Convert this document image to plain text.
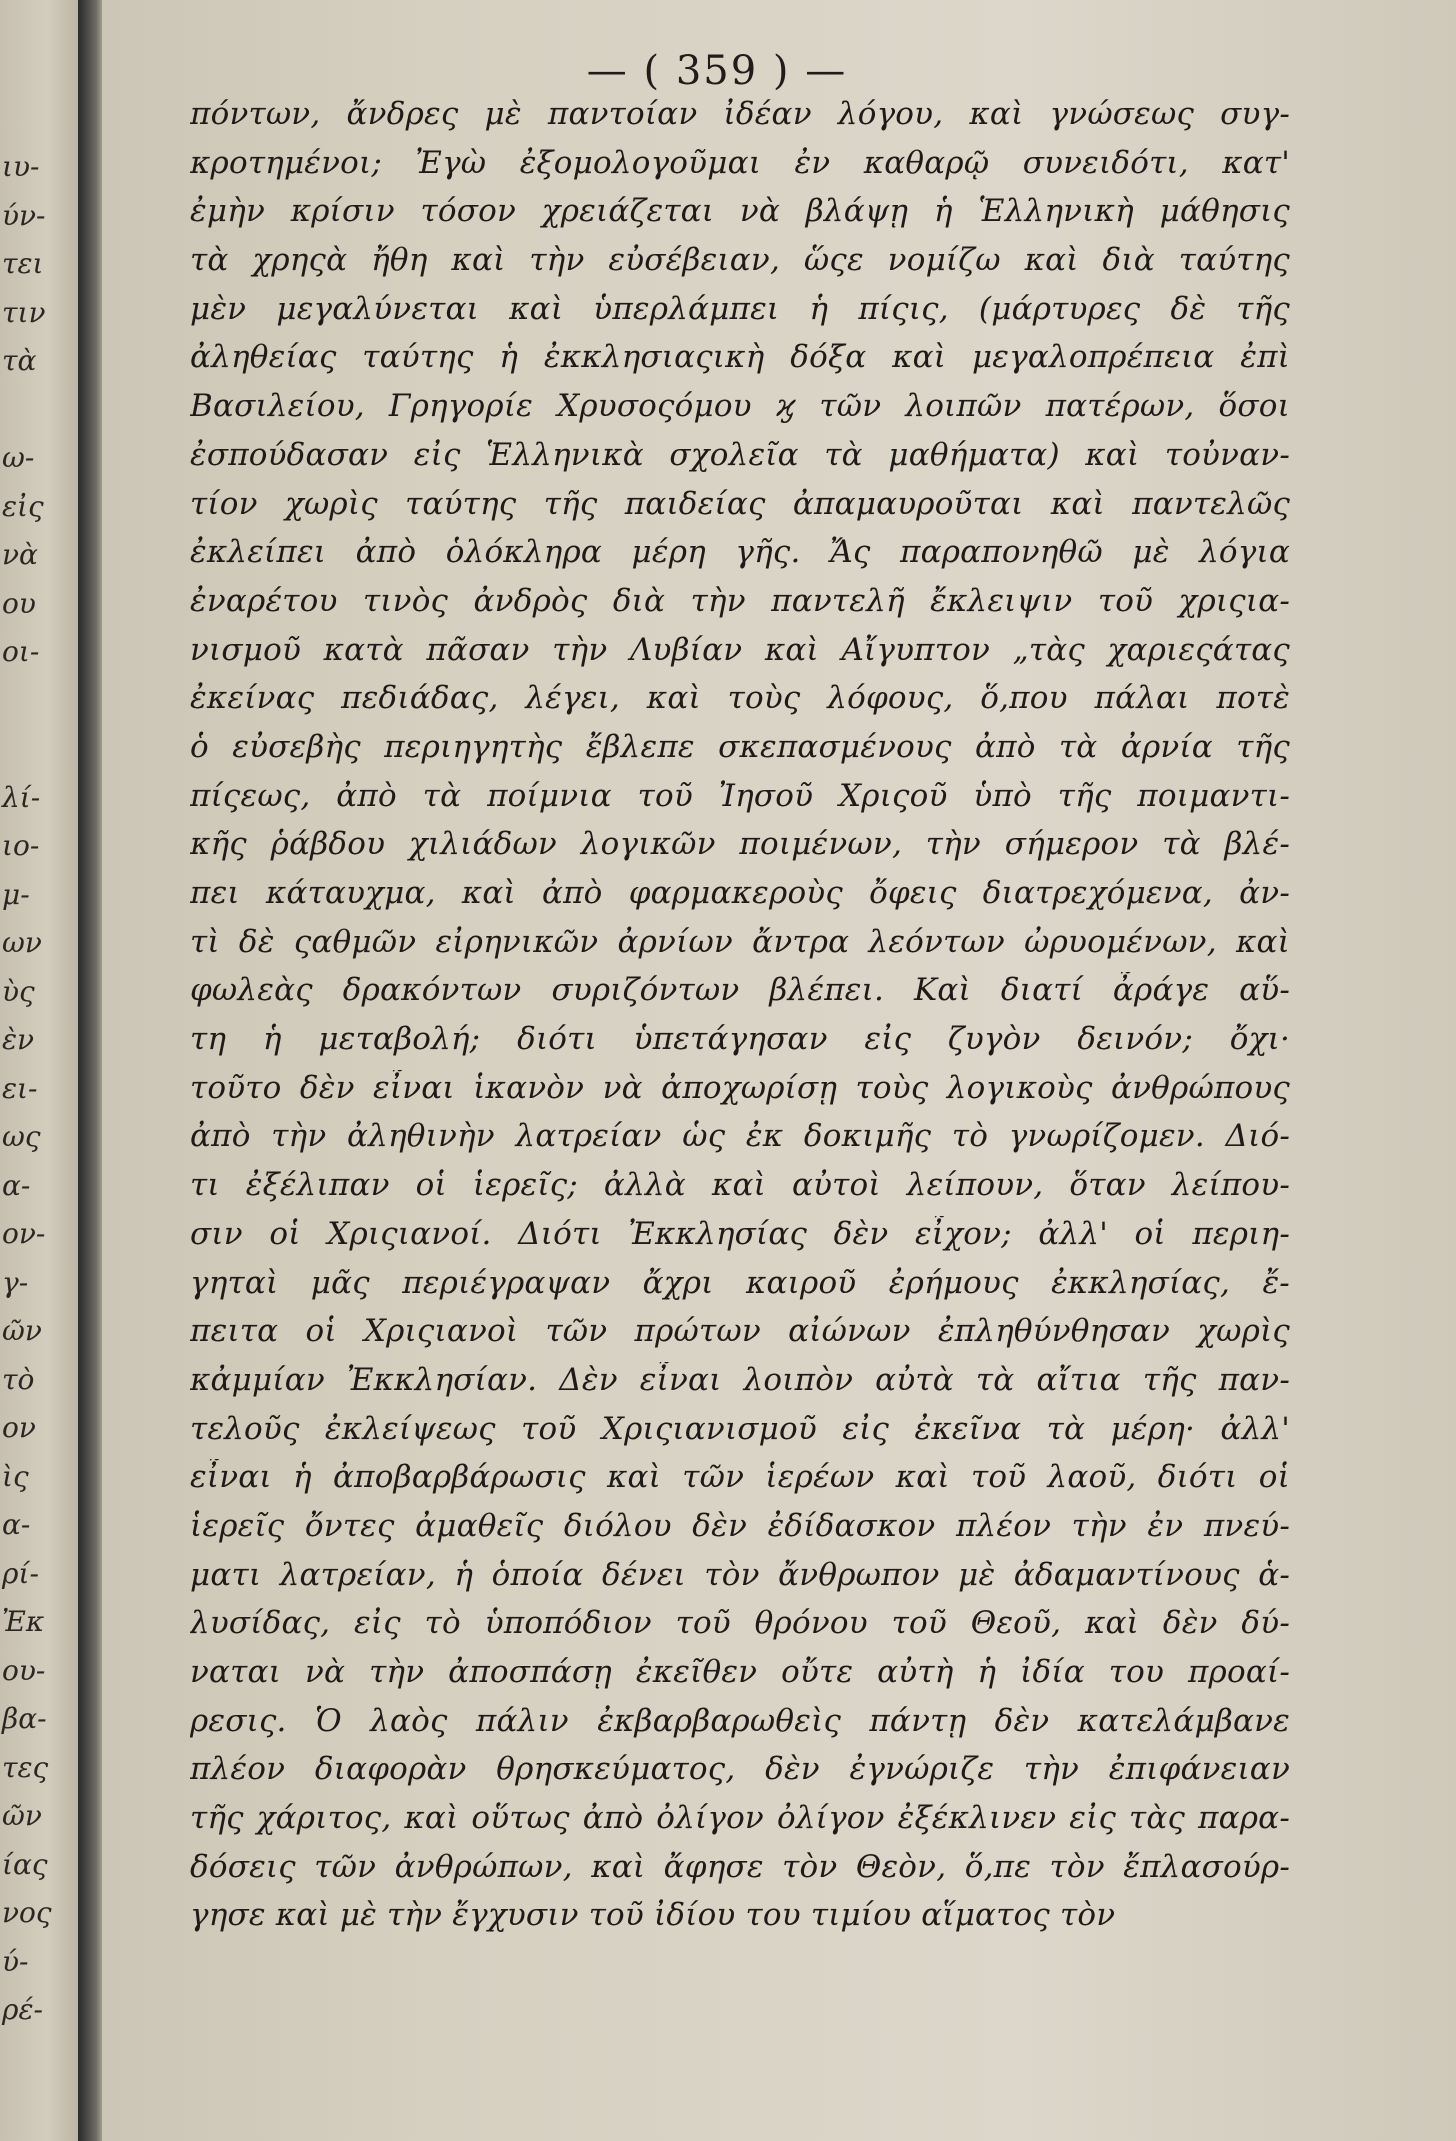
ιυ-
ύν-
τει
τιν
τὰ
ω-
εἰς
νὰ
ου
οι-
λί-
ιο-
μ-
ων
ὺς
ὲν
ει-
ως
α-
ον-
γ-
ῶν
τὸ
ον
ὶς
α-
ρί-
Ἐκ
ου-
βα-
τες
ῶν
ίας
νος
ύ-
ρέ-
— ( 359 ) —
πόντων, ἄνδρες μὲ παντοίαν ἰδέαν λόγου, καὶ γνώσεως συγ-
κροτημένοι; Ἐγὼ ἐξομολογοῦμαι ἐν καθαρῷ συνειδότι, κατ'
ἐμὴν κρίσιν τόσον χρειάζεται νὰ βλάψῃ ἡ Ἑλληνικὴ μάθησις
τὰ χρηςὰ ἤθη καὶ τὴν εὐσέβειαν, ὥςε νομίζω καὶ διὰ ταύτης
μὲν μεγαλύνεται καὶ ὑπερλάμπει ἡ πίςις, (μάρτυρες δὲ τῆς
ἀληθείας ταύτης ἡ ἐκκλησιαςικὴ δόξα καὶ μεγαλοπρέπεια ἐπὶ
Βασιλείου, Γρηγορίε Χρυσοςόμου ϗ τῶν λοιπῶν πατέρων, ὅσοι
ἐσπούδασαν εἰς Ἑλληνικὰ σχολεῖα τὰ μαθήματα) καὶ τοὐναν-
τίον χωρὶς ταύτης τῆς παιδείας ἀπαμαυροῦται καὶ παντελῶς
ἐκλείπει ἀπὸ ὁλόκληρα μέρη γῆς. Ἄς παραπονηθῶ μὲ λόγια
ἐναρέτου τινὸς ἀνδρὸς διὰ τὴν παντελῆ ἔκλειψιν τοῦ χριςια-
νισμοῦ κατὰ πᾶσαν τὴν Λυβίαν καὶ Αἴγυπτον „τὰς χαριεςάτας
ἐκείνας πεδιάδας, λέγει, καὶ τοὺς λόφους, ὅ,που πάλαι ποτὲ
ὁ εὐσεβὴς περιηγητὴς ἔβλεπε σκεπασμένους ἀπὸ τὰ ἀρνία τῆς
πίςεως, ἀπὸ τὰ ποίμνια τοῦ Ἰησοῦ Χριςοῦ ὑπὸ τῆς ποιμαντι-
κῆς ῥάβδου χιλιάδων λογικῶν ποιμένων, τὴν σήμερον τὰ βλέ-
πει κάταυχμα, καὶ ἀπὸ φαρμακεροὺς ὄφεις διατρεχόμενα, ἀν-
τὶ δὲ ςαθμῶν εἰρηνικῶν ἀρνίων ἄντρα λεόντων ὠρυομένων, καὶ
φωλεὰς δρακόντων συριζόντων βλέπει. Καὶ διατί ἆράγε αὕ-
τη ἡ μεταβολή; διότι ὑπετάγησαν εἰς ζυγὸν δεινόν; ὄχι·
τοῦτο δὲν εἶναι ἱκανὸν νὰ ἀποχωρίσῃ τοὺς λογικοὺς ἀνθρώπους
ἀπὸ τὴν ἀληθινὴν λατρείαν ὡς ἐκ δοκιμῆς τὸ γνωρίζομεν. Διό-
τι ἐξέλιπαν οἱ ἱερεῖς; ἀλλὰ καὶ αὐτοὶ λείπουν, ὅταν λείπου-
σιν οἱ Χριςιανοί. Διότι Ἐκκλησίας δὲν εἶχον; ἀλλ' οἱ περιη-
γηταὶ μᾶς περιέγραψαν ἄχρι καιροῦ ἐρήμους ἐκκλησίας, ἔ-
πειτα οἱ Χριςιανοὶ τῶν πρώτων αἰώνων ἐπληθύνθησαν χωρὶς
κἀμμίαν Ἐκκλησίαν. Δὲν εἶναι λοιπὸν αὐτὰ τὰ αἴτια τῆς παν-
τελοῦς ἐκλείψεως τοῦ Χριςιανισμοῦ εἰς ἐκεῖνα τὰ μέρη· ἀλλ'
εἶναι ἡ ἀποβαρβάρωσις καὶ τῶν ἱερέων καὶ τοῦ λαοῦ, διότι οἱ
ἱερεῖς ὄντες ἀμαθεῖς διόλου δὲν ἐδίδασκον πλέον τὴν ἐν πνεύ-
ματι λατρείαν, ἡ ὁποία δένει τὸν ἄνθρωπον μὲ ἀδαμαντίνους ἁ-
λυσίδας, εἰς τὸ ὑποπόδιον τοῦ θρόνου τοῦ Θεοῦ, καὶ δὲν δύ-
ναται νὰ τὴν ἀποσπάσῃ ἐκεῖθεν οὔτε αὐτὴ ἡ ἰδία του προαί-
ρεσις. Ὁ λαὸς πάλιν ἐκβαρβαρωθεὶς πάντῃ δὲν κατελάμβανε
πλέον διαφορὰν θρησκεύματος, δὲν ἐγνώριζε τὴν ἐπιφάνειαν
τῆς χάριτος, καὶ οὕτως ἀπὸ ὀλίγον ὀλίγον ἐξέκλινεν εἰς τὰς παρα-
δόσεις τῶν ἀνθρώπων, καὶ ἄφησε τὸν Θεὸν, ὅ,πε τὸν ἔπλασούρ-
γησε καὶ μὲ τὴν ἔγχυσιν τοῦ ἰδίου του τιμίου αἵματος τὸν
